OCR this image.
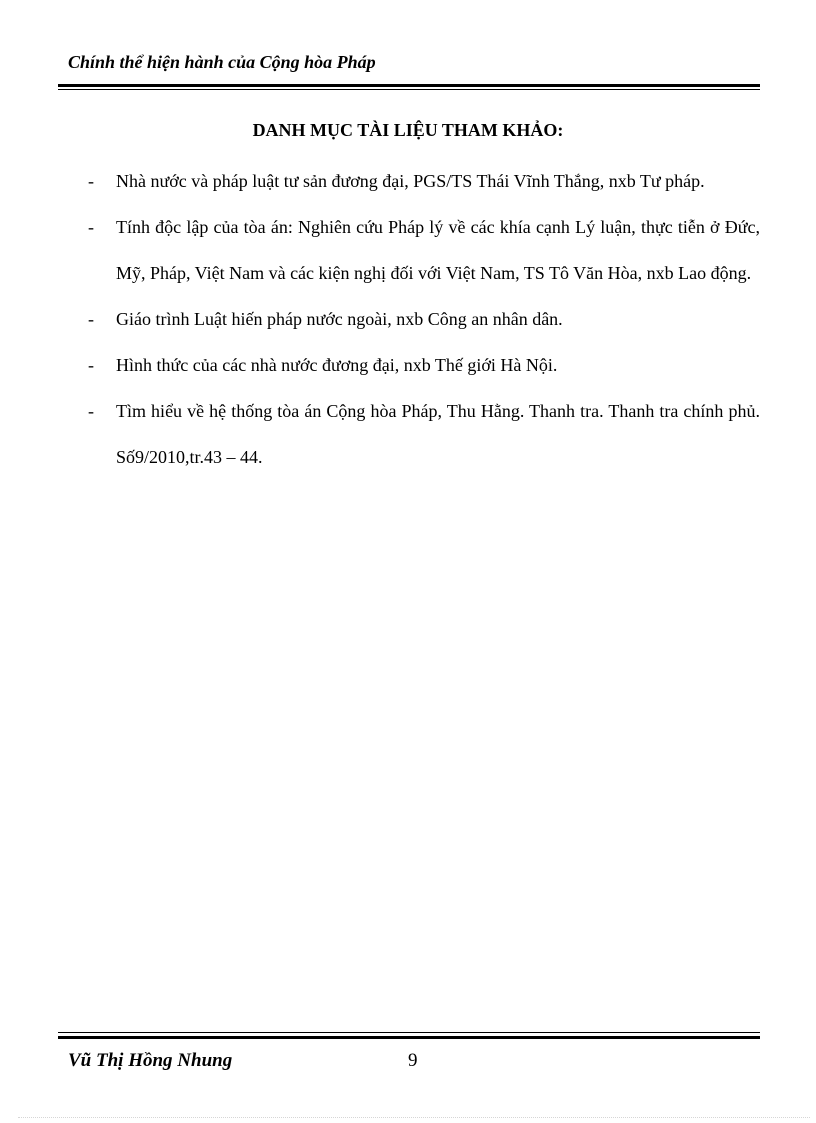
Chính thể hiện hành của Cộng hòa Pháp
DANH MỤC TÀI LIỆU THAM KHẢO:
- Nhà nước và pháp luật tư sản đương đại, PGS/TS Thái Vĩnh Thắng, nxb Tư pháp.
- Tính độc lập của tòa án: Nghiên cứu Pháp lý về các khía cạnh Lý luận, thực tiễn ở Đức, Mỹ, Pháp, Việt Nam và các kiện nghị đối với Việt Nam, TS Tô Văn Hòa, nxb Lao động.
- Giáo trình Luật hiến pháp nước ngoài, nxb Công an nhân dân.
- Hình thức của các nhà nước đương đại, nxb Thế giới Hà Nội.
- Tìm hiểu về hệ thống tòa án Cộng hòa Pháp, Thu Hằng. Thanh tra. Thanh tra chính phủ. Số9/2010,tr.43 – 44.
Vũ Thị Hồng Nhung	9
